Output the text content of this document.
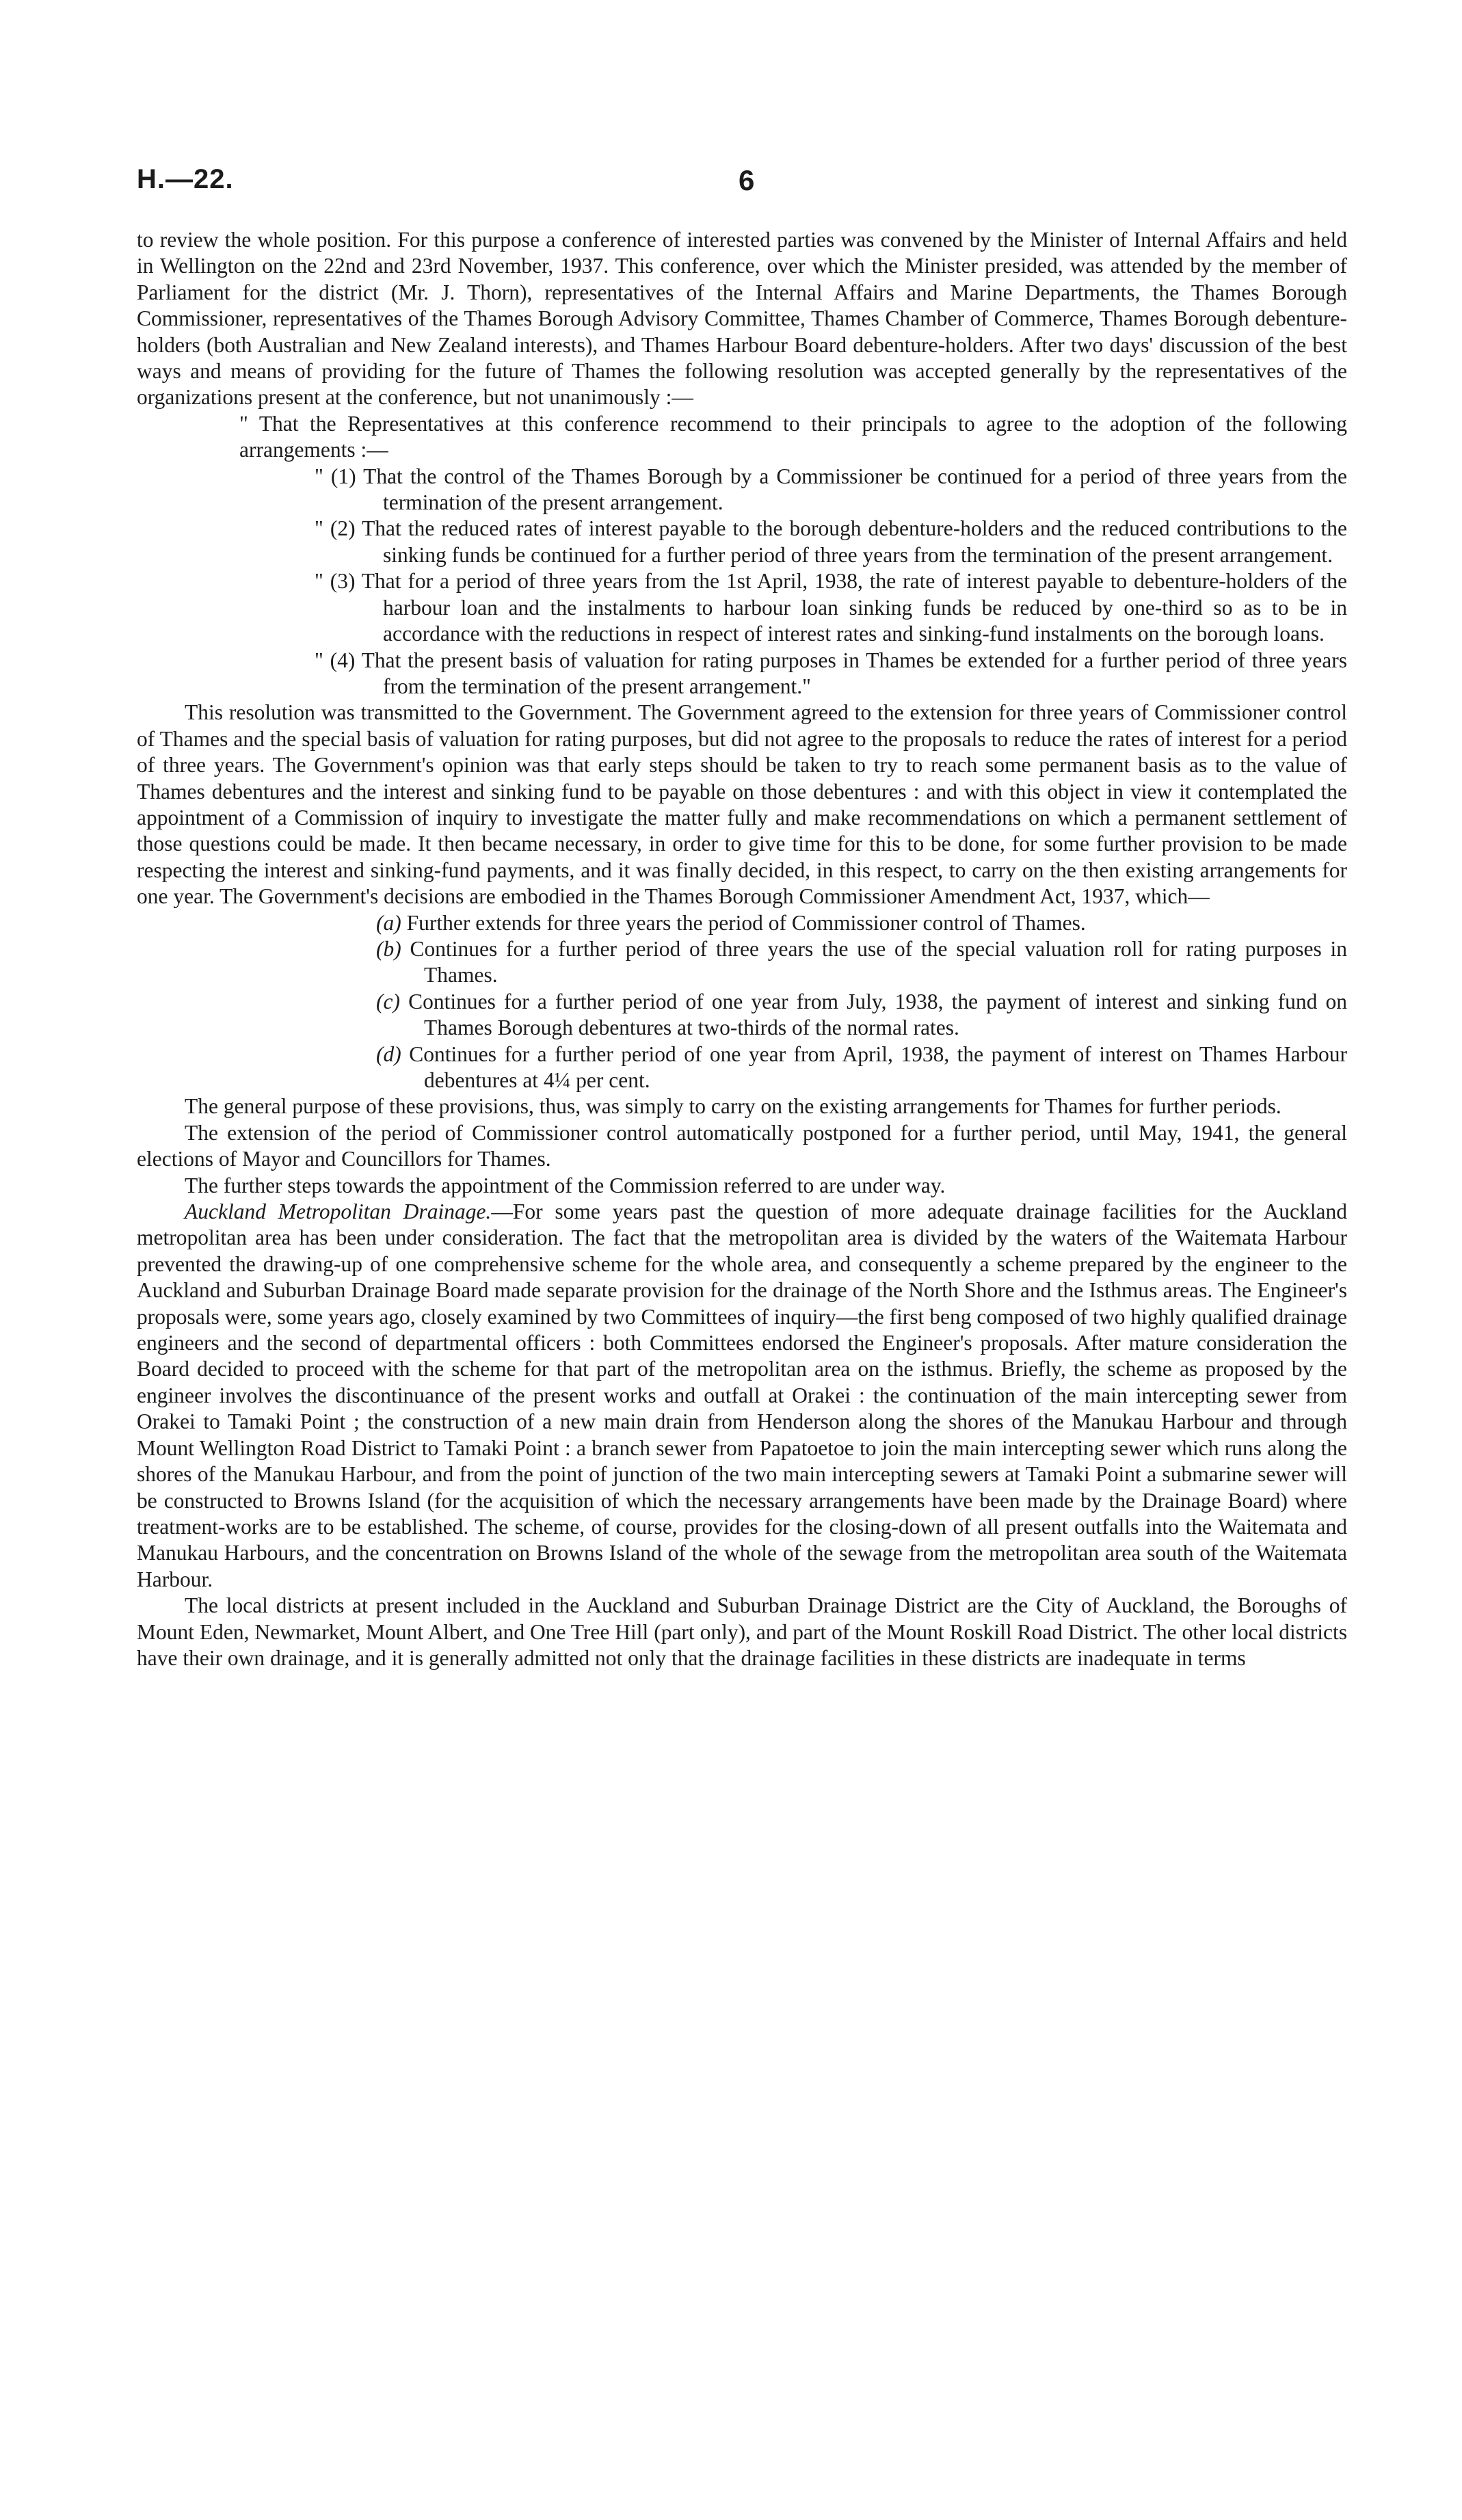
H.—22.	6

to review the whole position. For this purpose a conference of interested parties was convened by the Minister of Internal Affairs and held in Wellington on the 22nd and 23rd November, 1937. This conference, over which the Minister presided, was attended by the member of Parliament for the district (Mr. J. Thorn), representatives of the Internal Affairs and Marine Departments, the Thames Borough Commissioner, representatives of the Thames Borough Advisory Committee, Thames Chamber of Commerce, Thames Borough debenture-holders (both Australian and New Zealand interests), and Thames Harbour Board debenture-holders. After two days' discussion of the best ways and means of providing for the future of Thames the following resolution was accepted generally by the representatives of the organizations present at the conference, but not unanimously :—

" That the Representatives at this conference recommend to their principals to agree to the adoption of the following arrangements :—

" (1) That the control of the Thames Borough by a Commissioner be continued for a period of three years from the termination of the present arrangement.

" (2) That the reduced rates of interest payable to the borough debenture-holders and the reduced contributions to the sinking funds be continued for a further period of three years from the termination of the present arrangement.

" (3) That for a period of three years from the 1st April, 1938, the rate of interest payable to debenture-holders of the harbour loan and the instalments to harbour loan sinking funds be reduced by one-third so as to be in accordance with the reductions in respect of interest rates and sinking-fund instalments on the borough loans.

" (4) That the present basis of valuation for rating purposes in Thames be extended for a further period of three years from the termination of the present arrangement."

This resolution was transmitted to the Government. The Government agreed to the extension for three years of Commissioner control of Thames and the special basis of valuation for rating purposes, but did not agree to the proposals to reduce the rates of interest for a period of three years. The Government's opinion was that early steps should be taken to try to reach some permanent basis as to the value of Thames debentures and the interest and sinking fund to be payable on those debentures : and with this object in view it contemplated the appointment of a Commission of inquiry to investigate the matter fully and make recommendations on which a permanent settlement of those questions could be made. It then became necessary, in order to give time for this to be done, for some further provision to be made respecting the interest and sinking-fund payments, and it was finally decided, in this respect, to carry on the then existing arrangements for one year. The Government's decisions are embodied in the Thames Borough Commissioner Amendment Act, 1937, which—

(a) Further extends for three years the period of Commissioner control of Thames.

(b) Continues for a further period of three years the use of the special valuation roll for rating purposes in Thames.

(c) Continues for a further period of one year from July, 1938, the payment of interest and sinking fund on Thames Borough debentures at two-thirds of the normal rates.

(d) Continues for a further period of one year from April, 1938, the payment of interest on Thames Harbour debentures at 4¼ per cent.

The general purpose of these provisions, thus, was simply to carry on the existing arrangements for Thames for further periods.

The extension of the period of Commissioner control automatically postponed for a further period, until May, 1941, the general elections of Mayor and Councillors for Thames.

The further steps towards the appointment of the Commission referred to are under way.

Auckland Metropolitan Drainage.—For some years past the question of more adequate drainage facilities for the Auckland metropolitan area has been under consideration. The fact that the metropolitan area is divided by the waters of the Waitemata Harbour prevented the drawing-up of one comprehensive scheme for the whole area, and consequently a scheme prepared by the engineer to the Auckland and Suburban Drainage Board made separate provision for the drainage of the North Shore and the Isthmus areas. The Engineer's proposals were, some years ago, closely examined by two Committees of inquiry—the first beng composed of two highly qualified drainage engineers and the second of departmental officers : both Committees endorsed the Engineer's proposals. After mature consideration the Board decided to proceed with the scheme for that part of the metropolitan area on the isthmus. Briefly, the scheme as proposed by the engineer involves the discontinuance of the present works and outfall at Orakei : the continuation of the main intercepting sewer from Orakei to Tamaki Point ; the construction of a new main drain from Henderson along the shores of the Manukau Harbour and through Mount Wellington Road District to Tamaki Point : a branch sewer from Papatoetoe to join the main intercepting sewer which runs along the shores of the Manukau Harbour, and from the point of junction of the two main intercepting sewers at Tamaki Point a submarine sewer will be constructed to Browns Island (for the acquisition of which the necessary arrangements have been made by the Drainage Board) where treatment-works are to be established. The scheme, of course, provides for the closing-down of all present outfalls into the Waitemata and Manukau Harbours, and the concentration on Browns Island of the whole of the sewage from the metropolitan area south of the Waitemata Harbour.

The local districts at present included in the Auckland and Suburban Drainage District are the City of Auckland, the Boroughs of Mount Eden, Newmarket, Mount Albert, and One Tree Hill (part only), and part of the Mount Roskill Road District. The other local districts have their own drainage, and it is generally admitted not only that the drainage facilities in these districts are inadequate in terms
